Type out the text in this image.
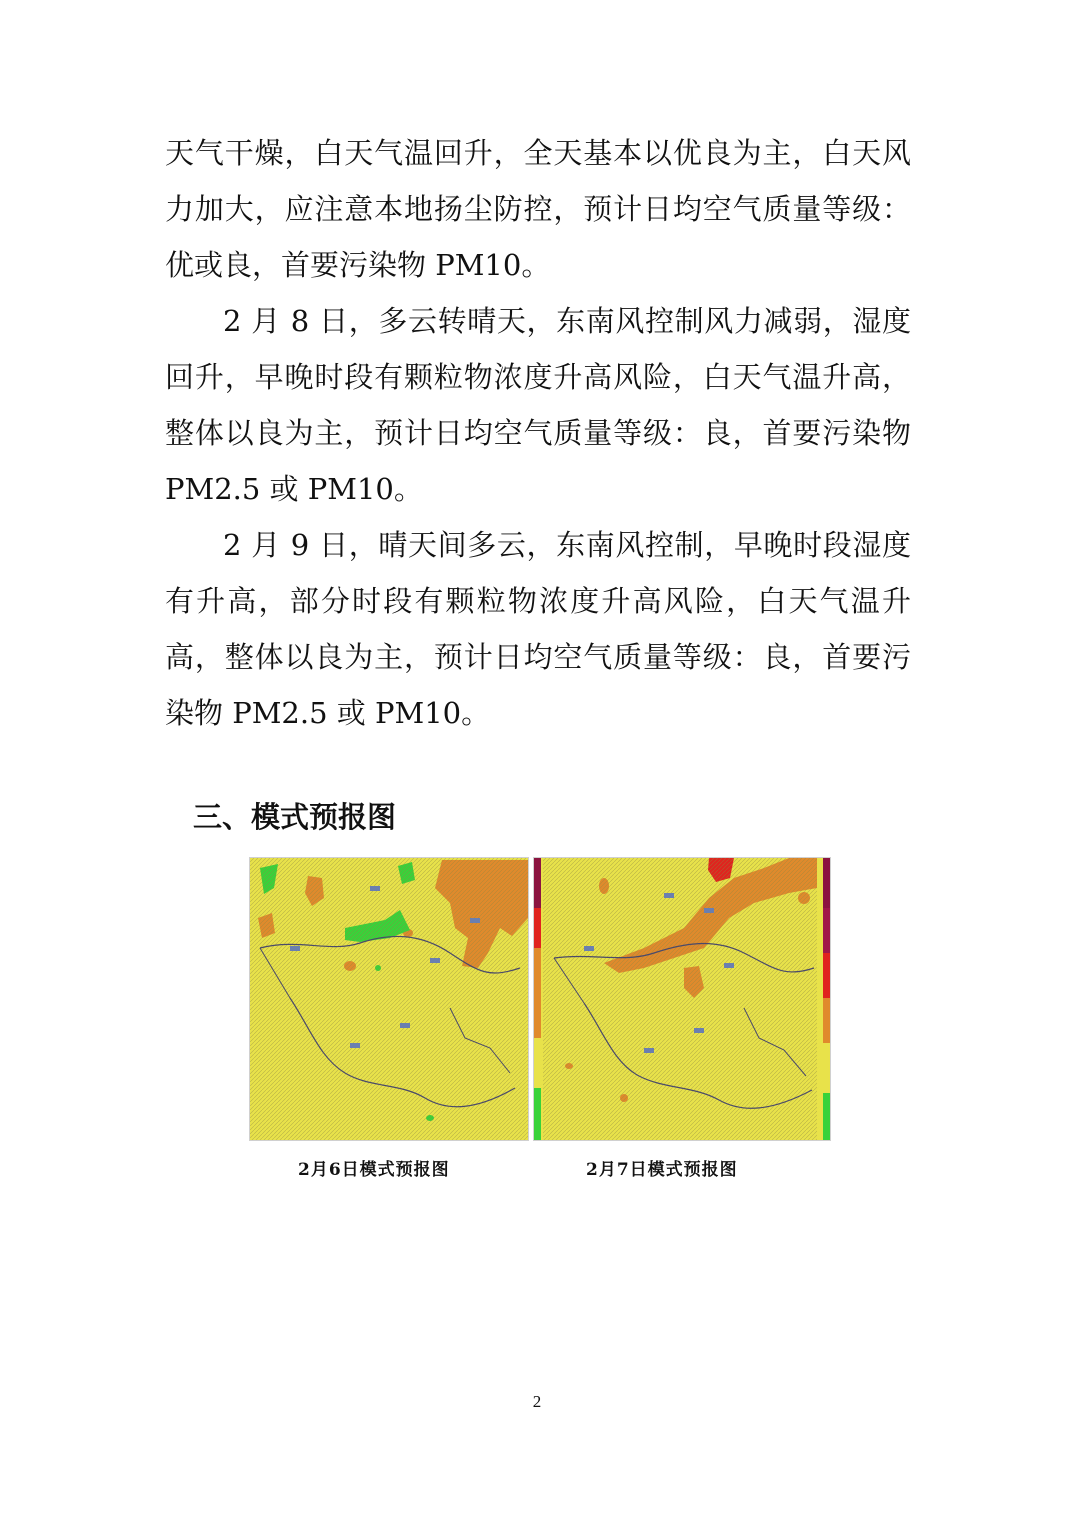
天气干燥，白天气温回升，全天基本以优良为主，白天风力加大，应注意本地扬尘防控，预计日均空气质量等级：优或良，首要污染物 PM10。

2 月 8 日，多云转晴天，东南风控制风力减弱，湿度回升，早晚时段有颗粒物浓度升高风险，白天气温升高，整体以良为主，预计日均空气质量等级：良，首要污染物 PM2.5 或 PM10。

2 月 9 日，晴天间多云，东南风控制，早晚时段湿度有升高，部分时段有颗粒物浓度升高风险，白天气温升高，整体以良为主，预计日均空气质量等级：良，首要污染物 PM2.5 或 PM10。

三、模式预报图
2月6日模式预报图	2月7日模式预报图
2
